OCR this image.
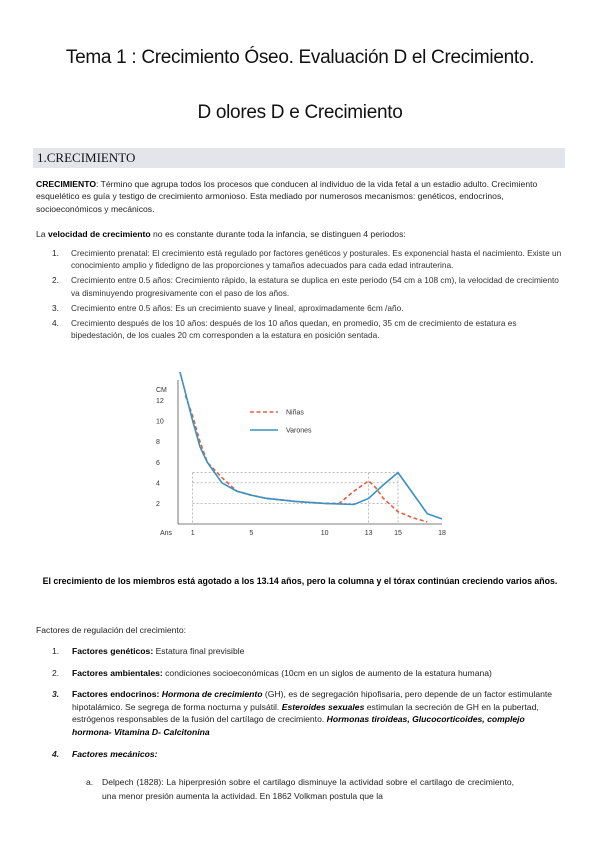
Tema 1 : Crecimiento Óseo. Evaluación D el Crecimiento.
D olores D e Crecimiento
1.CRECIMIENTO
CRECIMIENTO: Término que agrupa todos los procesos que conducen al individuo de la vida fetal a un estadio adulto. Crecimiento esquelético es guía y testigo de crecimiento armonioso. Esta mediado por numerosos mecanismos: genéticos, endocrinos, socioeconómicos y mecánicos.
La velocidad de crecimiento no es constante durante toda la infancia, se distinguen 4 periodos:
1. Crecimiento prenatal: El crecimiento está regulado por factores genéticos y posturales. Es exponencial hasta el nacimiento. Existe un conocimiento amplio y fidedigno de las proporciones y tamaños adecuados para cada edad intrauterina.
2. Crecimiento entre 0.5 años: Crecimiento rápido, la estatura se duplica en este periodo (54 cm a 108 cm), la velocidad de crecimiento va disminuyendo progresivamente con el paso de los años.
3. Crecimiento entre 0.5 años: Es un crecimiento suave y lineal, aproximadamente 6cm /año.
4. Crecimiento después de los 10 años: después de los 10 años quedan, en promedio, 35 cm de crecimiento de estatura es bipedestación, de los cuales 20 cm corresponden a la estatura en posición sentada.
CM
12
10
8
6
4
2
Ans	1	5	10	13	15	18
Niñas
Varones
El crecimiento de los miembros está agotado a los 13.14 años, pero la columna y el tórax continúan creciendo varios años.
Factores de regulación del crecimiento:
1. Factores genéticos: Estatura final previsible
2. Factores ambientales: condiciones socioeconómicas (10cm en un siglos de aumento de la estatura humana)
3. Factores endocrinos: Hormona de crecimiento (GH), es de segregación hipofisaria, pero depende de un factor estimulante hipotalámico. Se segrega de forma nocturna y pulsátil. Esteroides sexuales estimulan la secreción de GH en la pubertad, estrógenos responsables de la fusión del cartílago de crecimiento. Hormonas tiroideas, Glucocorticoides, complejo hormona- Vitamina D- Calcitonina
4. Factores mecánicos:
a. Delpech (1828): La hiperpresión sobre el cartilago disminuye la actividad sobre el cartilago de crecimiento, una menor presión aumenta la actividad. En 1862 Volkman postula que la
